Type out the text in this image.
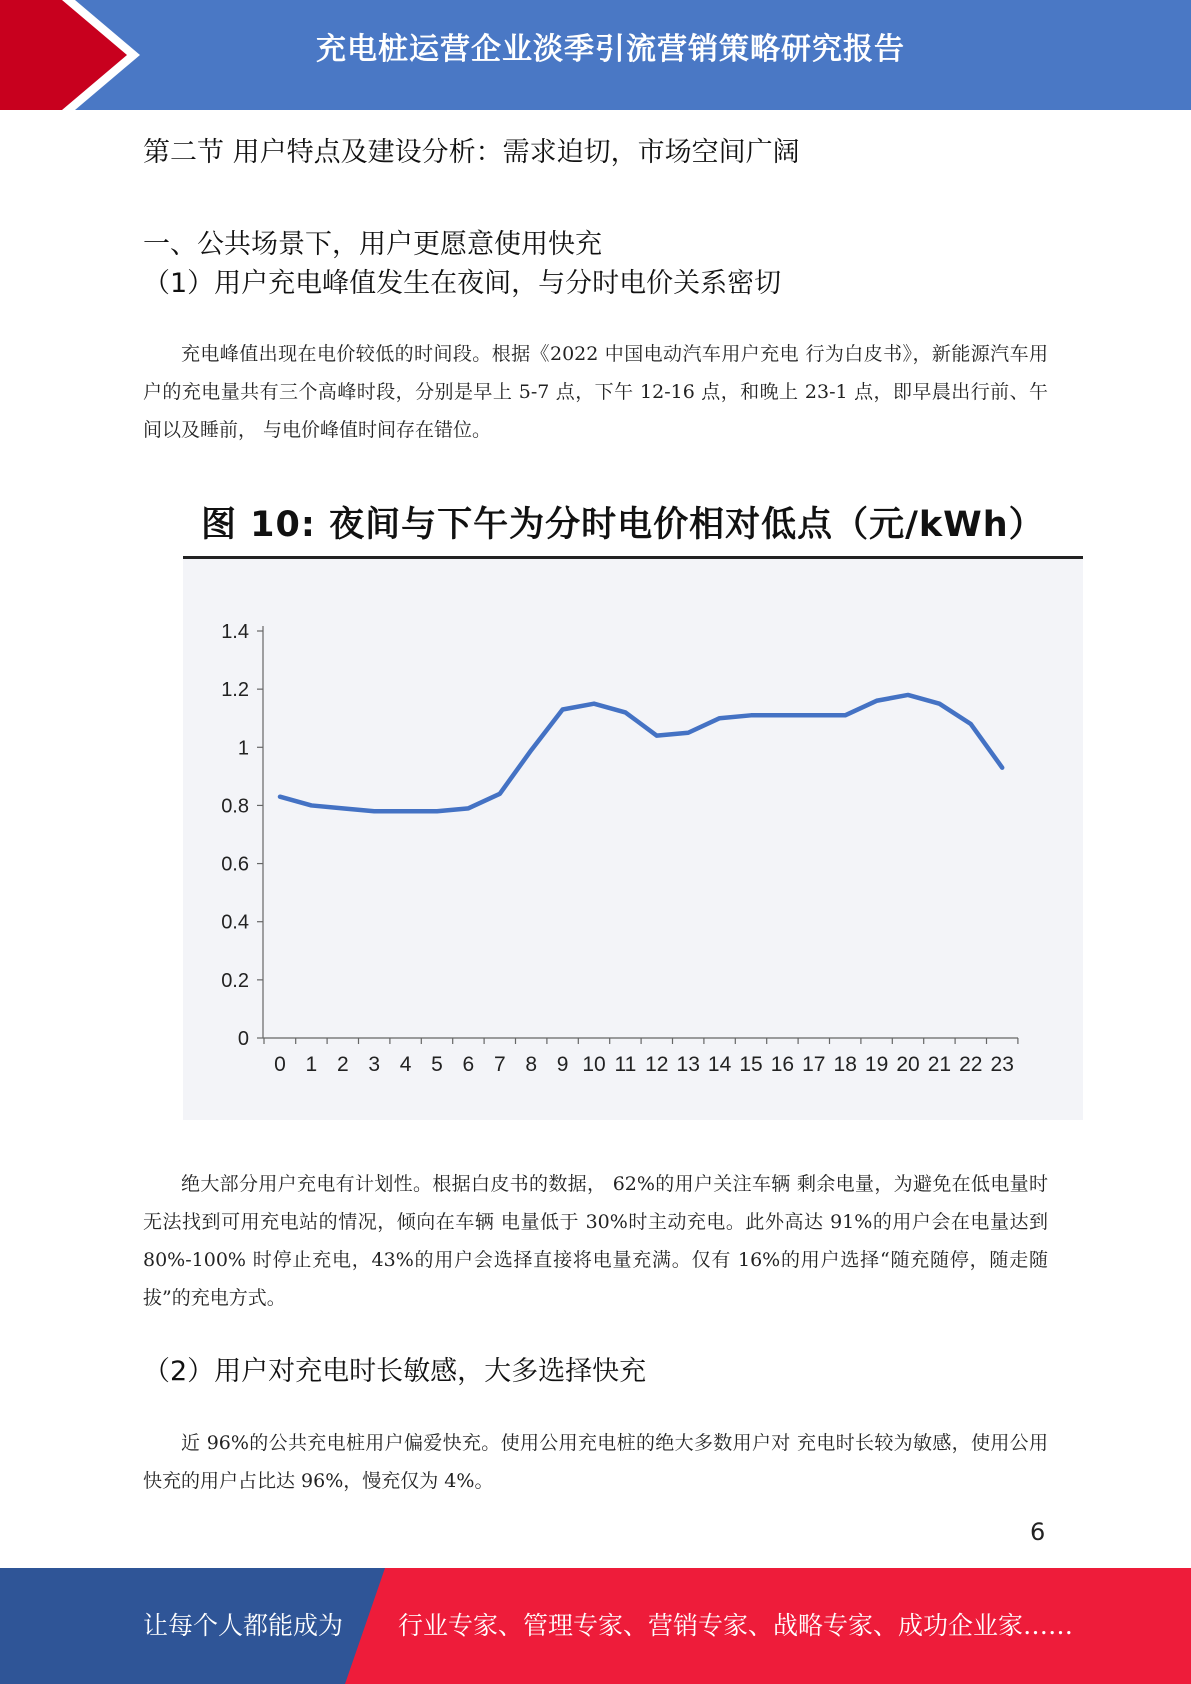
充电桩运营企业淡季引流营销策略研究报告
第二节 用户特点及建设分析：需求迫切，市场空间广阔
一、公共场景下，用户更愿意使用快充
（1）用户充电峰值发生在夜间，与分时电价关系密切

充电峰值出现在电价较低的时间段。根据《2022 中国电动汽车用户充电 行为白皮书》，新能源汽车用户的充电量共有三个高峰时段，分别是早上 5-7 点，下午 12-16 点，和晚上 23-1 点，即早晨出行前、午间以及睡前， 与电价峰值时间存在错位。

图 10: 夜间与下午为分时电价相对低点（元/kWh）
0
0.2
0.4
0.6
0.8
1
1.2
1.4
0 1 2 3 4 5 6 7 8 9 10 11 12 13 14 15 16 17 18 19 20 21 22 23
（2）用户对充电时长敏感，大多选择快充

绝大部分用户充电有计划性。根据白皮书的数据， 62%的用户关注车辆 剩余电量，为避免在低电量时无法找到可用充电站的情况，倾向在车辆 电量低于 30%时主动充电。此外高达 91%的用户会在电量达到 80%-100% 时停止充电，43%的用户会选择直接将电量充满。仅有 16%的用户选择“随充随停，随走随拔”的充电方式。

近 96%的公共充电桩用户偏爱快充。使用公用充电桩的绝大多数用户对 充电时长较为敏感，使用公用快充的用户占比达 96%，慢充仅为 4%。

6
让每个人都能成为 行业专家、管理专家、营销专家、战略专家、成功企业家……
